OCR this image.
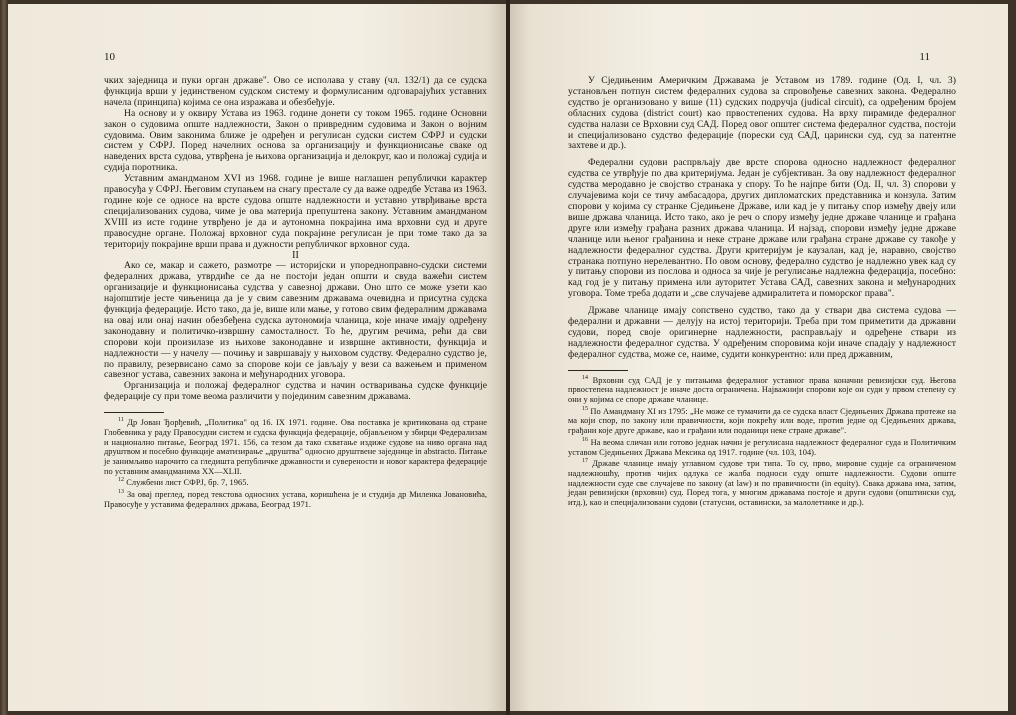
10

чких заједница и пуки орган државе". Ово се исполава у ставу (чл. 132/1) да се судска функција врши у јединственом судском систему и формулисаним одговарајућих уставних начела (принципа) којима се она изражава и обезбеђује.

На основу и у оквиру Устава из 1963. године донети су током 1965. године Основни закон о судовима опште надлежности, Закон о привредним судовима и Закон о војним судовима. Овим законима ближе је одређен и регулисан судски систем СФРЈ и судски систем у СФРЈ. Поред начелних основа за организацију и функционисање сваке од наведених врста судова, утврђена је њихова организација и делокруг, као и положај судија и судија поротника.

Уставним амандманом XVI из 1968. године је више наглашен републички карактер правосуђа у СФРЈ. Његовим ступањем на снагу престале су да важе одредбе Устава из 1963. године које се односе на врсте судова опште надлежности и уставно утврђивање врста специјализованих судова, чиме је ова материја препуштена закону. Уставним амандманом XVIII из исте године утврђено је да и аутономна покрајина има врховни суд и друге правосудне органе. Положај врховног суда покрајине регулисан је при томе тако да за територију покрајине врши права и дужности републичког врховног суда.

II

Ако се, макар и сажето, размотре — историјски и упоредноправно-судски системи федералних држава, утврдиће се да не постоји један општи и свуда важећи систем организације и функционисања судства у савезној држави. Оно што се може узети као најопштије јесте чињеница да је у свим савезним државама очевидна и присутна судска функција федерације. Исто тако, да је, више или мање, у готово свим федералним државама на овај или онај начин обезбеђена судска аутономија чланица, које иначе имају одређену законодавну и политичко-извршну самосталност. То ће, другим речима, рећи да сви спорови који произилазе из њихове законодавне и извршне активности, функција и надлежности — у начелу — почињу и завршавају у њиховом судству. Федерално судство је, по правилу, резервисано само за спорове који се јављају у вези са важењем и применом савезног устава, савезних закона и међународних уговора.

Организација и положај федералног судства и начин остваривања судске функције федерације су при томе веома различити у појединим савезним државама.

$^{11}$ Др Јован Ђорђевић, „Политика" од 16. IX 1971. године. Ова поставка је критикована од стране Глобевника у раду Правосудни систем и судска функција федерације, објављеном у збирци Федерализам и национално питање, Београд 1971. 156, са тезом да тако схватање издиже судове на ниво органа над друштвом и посебно функције аматизирање „друштва" односно друштвене заједнице in abstracto. Питање је занимљиво нарочито са гледишта републичке државности и суверености и новог карактера федерације по уставним амандманима XX—XLII.

$^{12}$ Службени лист СФРЈ, бр. 7, 1965.

$^{13}$ За овај преглед, поред текстова односних устава, коришћена је и студија др Миленка Јовановића, Правосуђе у уставима федералних држава, Београд 1971.

11

У Сједињеним Америчким Државама је Уставом из 1789. године (Од. I, чл. 3) установљен потпун систем федералних судова за спровођење савезних закона. Федерално судство је организовано у више (11) судских подручја (judical circuit), са одређеним бројем обласних судова (district court) као првостепених судова. На врху пирамиде федералног судства налази се Врховни суд САД. Поред овог општег система федералног судства, постоји и специјализовано судство федерације (порески суд САД, царински суд, суд за патентне захтеве и др.).

Федерални судови распрвљају две врсте спорова односно надлежност федералног судства се утврђује по два критеријума. Један је субјективан. За ову надлежност федералног судства меродавно је својство странака у спору. То ће најпре бити (Од. II, чл. 3) спорови у случајевима који се тичу амбасадора, других дипломатских представника и конзула. Затим спорови у којима су странке Сједињене Државе, или кад је у питању спор између двеју или више држава чланица. Исто тако, ако је реч о спору између једне државе чланице и грађана друге или између грађана разних држава чланица. И најзад, спорови између једне државе чланице или њеног грађанина и неке стране државе или грађана стране државе су такође у надлежности федералног судства. Други критеријум је каузалан, кад је, наравно, својство странака потпуно нерелевантно. По овом основу, федерално судство је надлежно увек кад су у питању спорови из послова и односа за чије је регулисање надлежна федерација, посебно: кад год је у питању примена или ауторитет Устава САД, савезних закона и међународних уговора. Томе треба додати и „све случајеве адмиралитета и поморског права".

Државе чланице имају сопствено судство, тако да у ствари два система судова — федерални и државни — делују на истој територији. Треба при том приметити да државни судови, поред своје оригинерне надлежности, расправљају и одређене ствари из надлежности федералног судства. У одређеним споровима који иначе спадају у надлежност федералног судства, може се, наиме, судити конкурентно: или пред државним,

$^{14}$ Врховни суд САД је у питањима федералног уставног права коначни ревизијски суд. Његова првостепена надлежност је иначе доста ограничена. Најважнији спорови које он суди у првом степену су они у којима се споре државе чланице.

$^{15}$ По Амандману XI из 1795: „Не може се тумачити да се судска власт Сједињених Држава протеже на ма који спор, по закону или правичности, који покрећу или воде, против једне од Сједињених држава, грађани које друге државе, као и грађани или поданици неке стране државе".

$^{16}$ На веома сличан или готово једнак начин је регулисана надлежност федералног суда и Политичким уставом Сједињених Држава Мексика од 1917. године (чл. 103, 104).

$^{17}$ Државе чланице имају углавном судове три типа. То су, прво, мировне судије са ограниченом надлежношћу, против чијих одлука се жалба подноси суду опште надлежности. Судови опште надлежности суде све случајеве по закону (at law) и по правичности (in equity). Свака држава има, затим, један ревизијски (врховни) суд. Поред тога, у многим државама постоје и други судови (општински суд, итд.), као и специјализовани судови (статусни, оставински, за малолетнике и др.).
